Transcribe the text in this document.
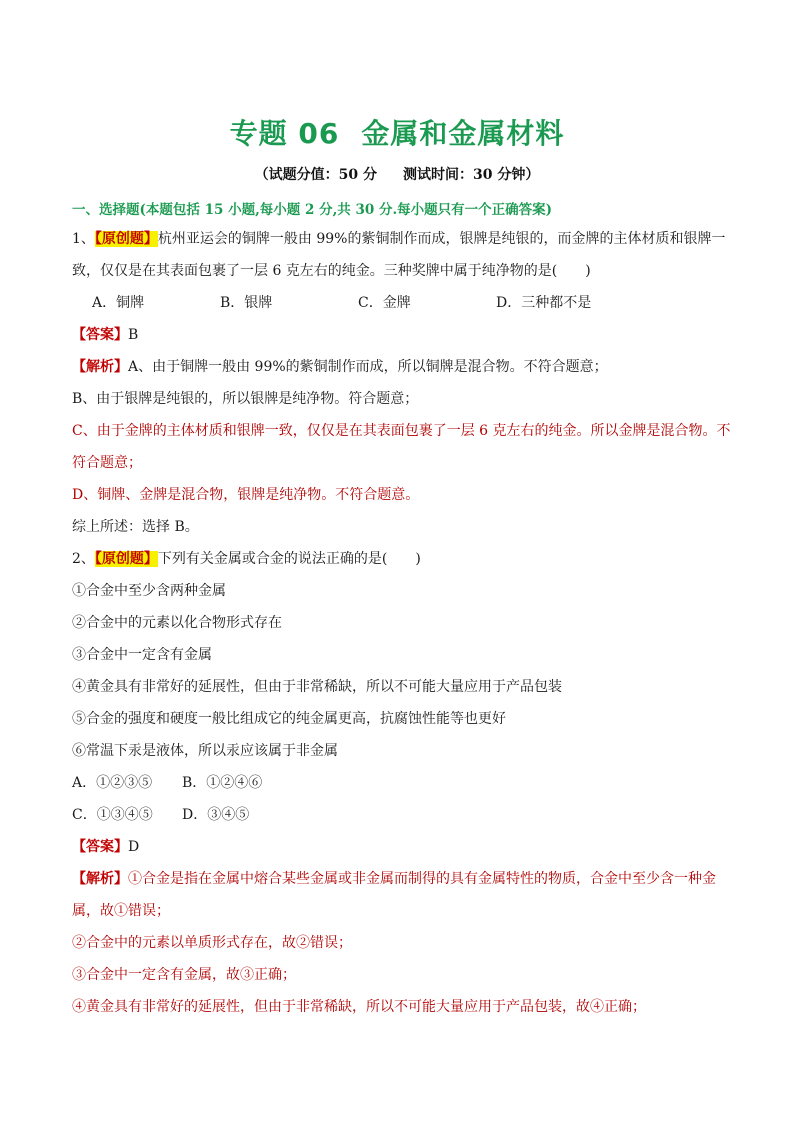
专题 06 金属和金属材料
（试题分值：50 分 测试时间：30 分钟）
一、选择题(本题包括 15 小题,每小题 2 分,共 30 分.每小题只有一个正确答案)
1、【原创题】杭州亚运会的铜牌一般由 99%的紫铜制作而成，银牌是纯银的，而金牌的主体材质和银牌一
致，仅仅是在其表面包裹了一层 6 克左右的纯金。三种奖牌中属于纯净物的是(　　)
A．铜牌	B．银牌	C．金牌	D．三种都不是
【答案】B
【解析】A、由于铜牌一般由 99%的紫铜制作而成，所以铜牌是混合物。不符合题意；
B、由于银牌是纯银的，所以银牌是纯净物。符合题意；
C、由于金牌的主体材质和银牌一致，仅仅是在其表面包裹了一层 6 克左右的纯金。所以金牌是混合物。不
符合题意；
D、铜牌、金牌是混合物，银牌是纯净物。不符合题意。
综上所述：选择 B。
2、【原创题】下列有关金属或合金的说法正确的是(　　)
①合金中至少含两种金属
②合金中的元素以化合物形式存在
③合金中一定含有金属
④黄金具有非常好的延展性，但由于非常稀缺，所以不可能大量应用于产品包装
⑤合金的强度和硬度一般比组成它的纯金属更高，抗腐蚀性能等也更好
⑥常温下汞是液体，所以汞应该属于非金属
A．①②③⑤ B．①②④⑥
C．①③④⑤ D．③④⑤
【答案】D
【解析】①合金是指在金属中熔合某些金属或非金属而制得的具有金属特性的物质，合金中至少含一种金
属，故①错误；
②合金中的元素以单质形式存在，故②错误；
③合金中一定含有金属，故③正确；
④黄金具有非常好的延展性，但由于非常稀缺，所以不可能大量应用于产品包装，故④正确；
